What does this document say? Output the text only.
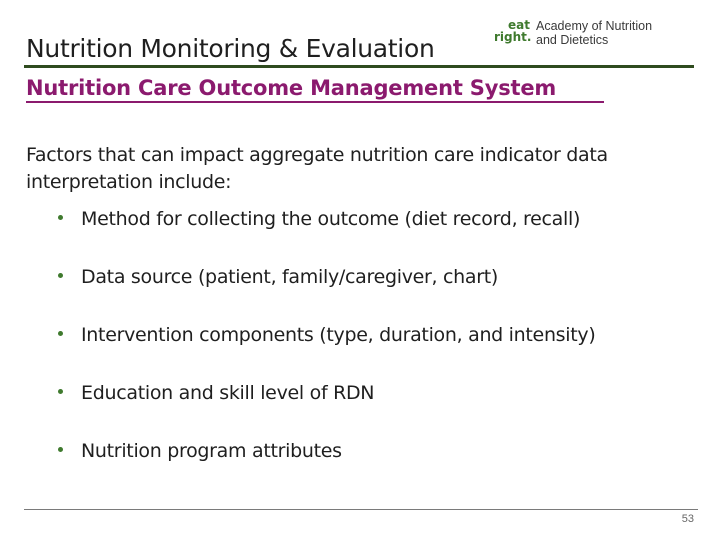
Nutrition Monitoring & Evaluation
eat
right.
Academy of Nutrition
and Dietetics
Nutrition Care Outcome Management System
Factors that can impact aggregate nutrition care indicator data interpretation include:
Method for collecting the outcome (diet record, recall)
Data source (patient, family/caregiver, chart)
Intervention components (type, duration, and intensity)
Education and skill level of RDN
Nutrition program attributes
53
